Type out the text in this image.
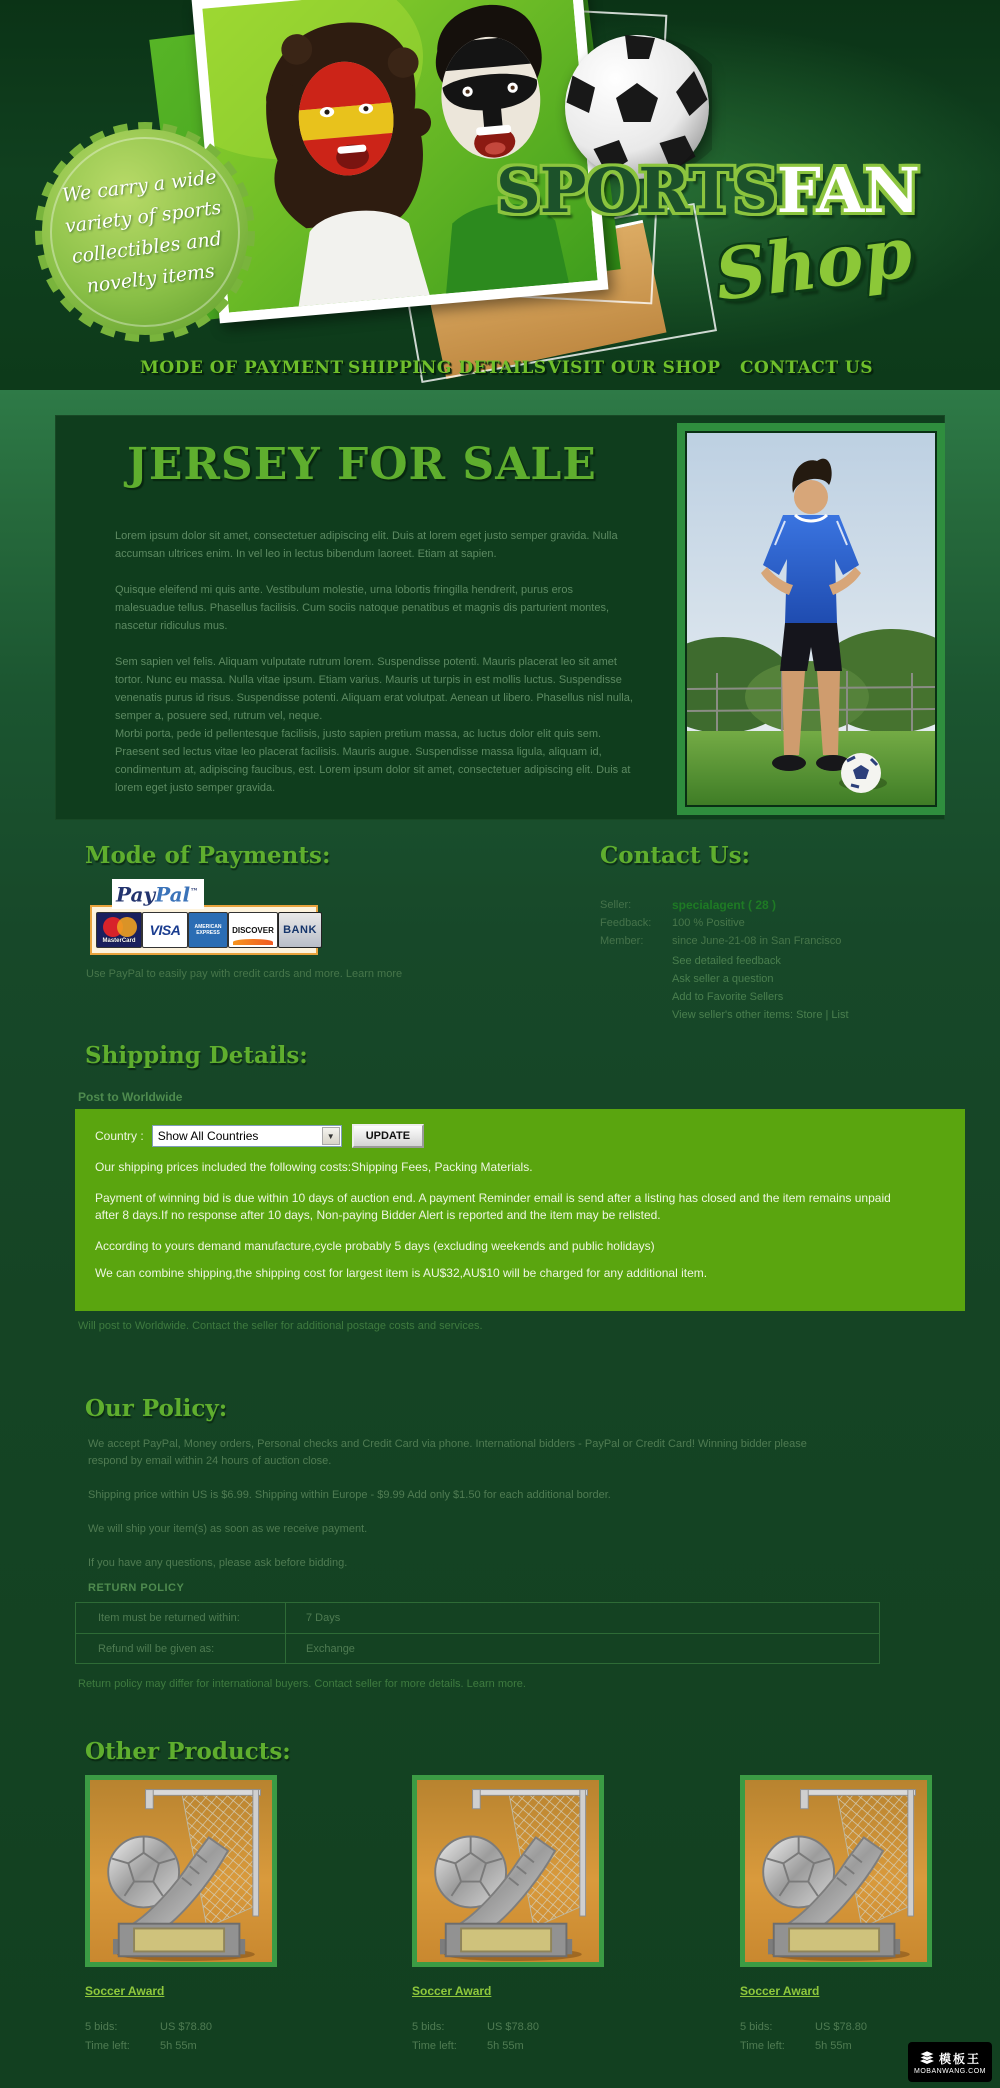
We carry a wide
variety of sports
collectibles and
novelty items
SPORTSFAN
Shop
MODE OF PAYMENT SHIPPING DETAILS VISIT OUR SHOP CONTACT US
JERSEY FOR SALE

Lorem ipsum dolor sit amet, consectetuer adipiscing elit. Duis at lorem eget justo semper gravida. Nulla accumsan ultrices enim. In vel leo in lectus bibendum laoreet. Etiam at sapien.

Quisque eleifend mi quis ante. Vestibulum molestie, urna lobortis fringilla hendrerit, purus eros malesuadue tellus. Phasellus facilisis. Cum sociis natoque penatibus et magnis dis parturient montes, nascetur ridiculus mus.

Sem sapien vel felis. Aliquam vulputate rutrum lorem. Suspendisse potenti. Mauris placerat leo sit amet tortor. Nunc eu massa. Nulla vitae ipsum. Etiam varius. Mauris ut turpis in est mollis luctus. Suspendisse venenatis purus id risus. Suspendisse potenti. Aliquam erat volutpat. Aenean ut libero. Phasellus nisl nulla, semper a, posuere sed, rutrum vel, neque.

Morbi porta, pede id pellentesque facilisis, justo sapien pretium massa, ac luctus dolor elit quis sem.

Praesent sed lectus vitae leo placerat facilisis. Mauris augue. Suspendisse massa ligula, aliquam id, condimentum at, adipiscing faucibus, est. Lorem ipsum dolor sit amet, consectetuer adipiscing elit. Duis at lorem eget justo semper gravida.

Mode of Payments:
MasterCard
VISA	AMERICAN EXPRESS	DISCOVER BANK
PayPal™
Use PayPal to easily pay with credit cards and more. Learn more
Contact Us:
Seller:	specialagent ( 28 )
Feedback:	100 % Positive
Member:	since June-21-08 in San Francisco
See detailed feedback
Ask seller a question
Add to Favorite Sellers
View seller's other items: Store | List
Shipping Details:
Post to Worldwide
Country :	Show All Countries	▼	UPDATE

Our shipping prices included the following costs:Shipping Fees, Packing Materials.

Payment of winning bid is due within 10 days of auction end. A payment Reminder email is send after a listing has closed and the item remains unpaid after 8 days.If no response after 10 days, Non-paying Bidder Alert is reported and the item may be relisted.

According to yours demand manufacture,cycle probably 5 days (excluding weekends and public holidays)

We can combine shipping,the shipping cost for largest item is AU$32,AU$10 will be charged for any additional item.

Will post to Worldwide. Contact the seller for additional postage costs and services.
Our Policy:

We accept PayPal, Money orders, Personal checks and Credit Card via phone. International bidders - PayPal or Credit Card! Winning bidder please respond by email within 24 hours of auction close.

Shipping price within US is $6.99. Shipping within Europe - $9.99 Add only $1.50 for each additional border.

We will ship your item(s) as soon as we receive payment.

If you have any questions, please ask before bidding.

RETURN POLICY
Item must be returned within:	7 Days
Refund will be given as:	Exchange
Return policy may differ for international buyers. Contact seller for more details. Learn more.
Other Products:
Soccer Award	Soccer Award	Soccer Award
5 bids:	US $78.80
Time left:	5h 55m
5 bids:	US $78.80
Time left:	5h 55m
5 bids:	US $78.80
Time left:	5h 55m
模板王
MOBANWANG.COM
